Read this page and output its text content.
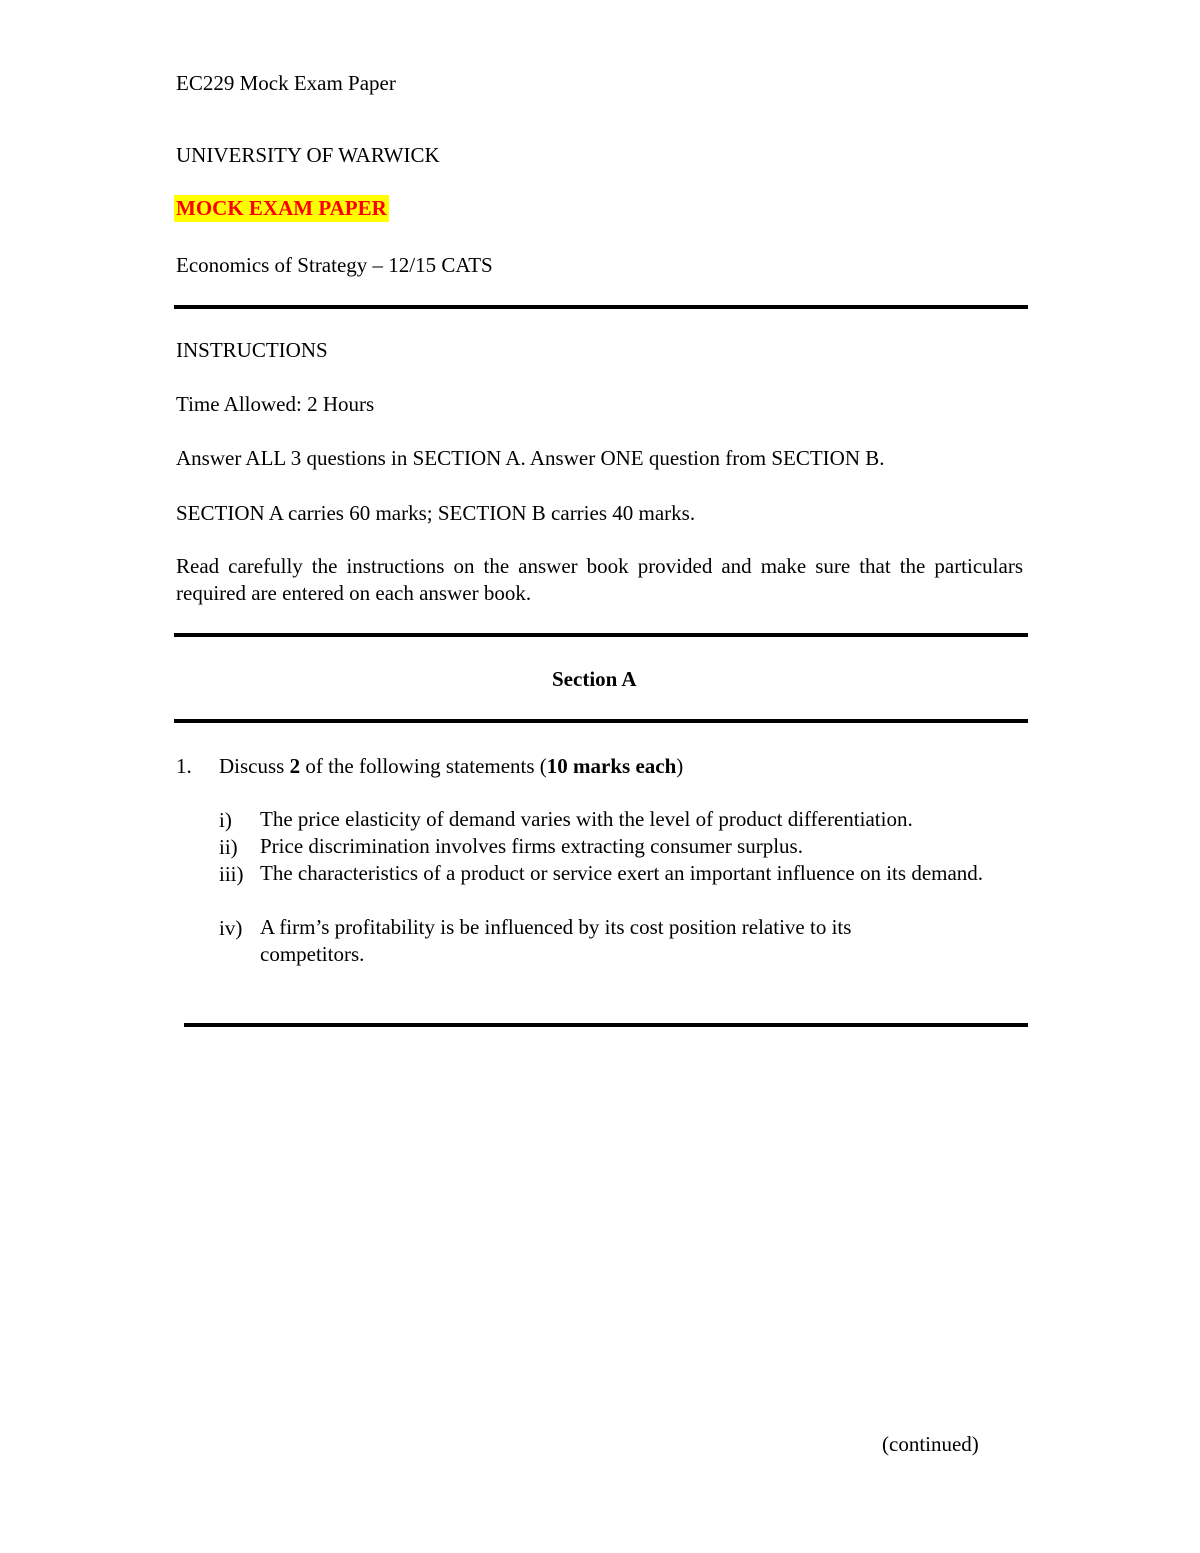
EC229 Mock Exam Paper
UNIVERSITY OF WARWICK
MOCK EXAM PAPER
Economics of Strategy – 12/15 CATS
INSTRUCTIONS
Time Allowed: 2 Hours
Answer ALL 3 questions in SECTION A. Answer ONE question from SECTION B.
SECTION A carries 60 marks; SECTION B carries 40 marks.
Read carefully the instructions on the answer book provided and make sure that the particulars required are entered on each answer book.
Section A
1. Discuss 2 of the following statements (10 marks each)
i) The price elasticity of demand varies with the level of product differentiation.
ii) Price discrimination involves firms extracting consumer surplus.
iii) The characteristics of a product or service exert an important influence on its demand.
iv) A firm’s profitability is be influenced by its cost position relative to its competitors.
(continued)
